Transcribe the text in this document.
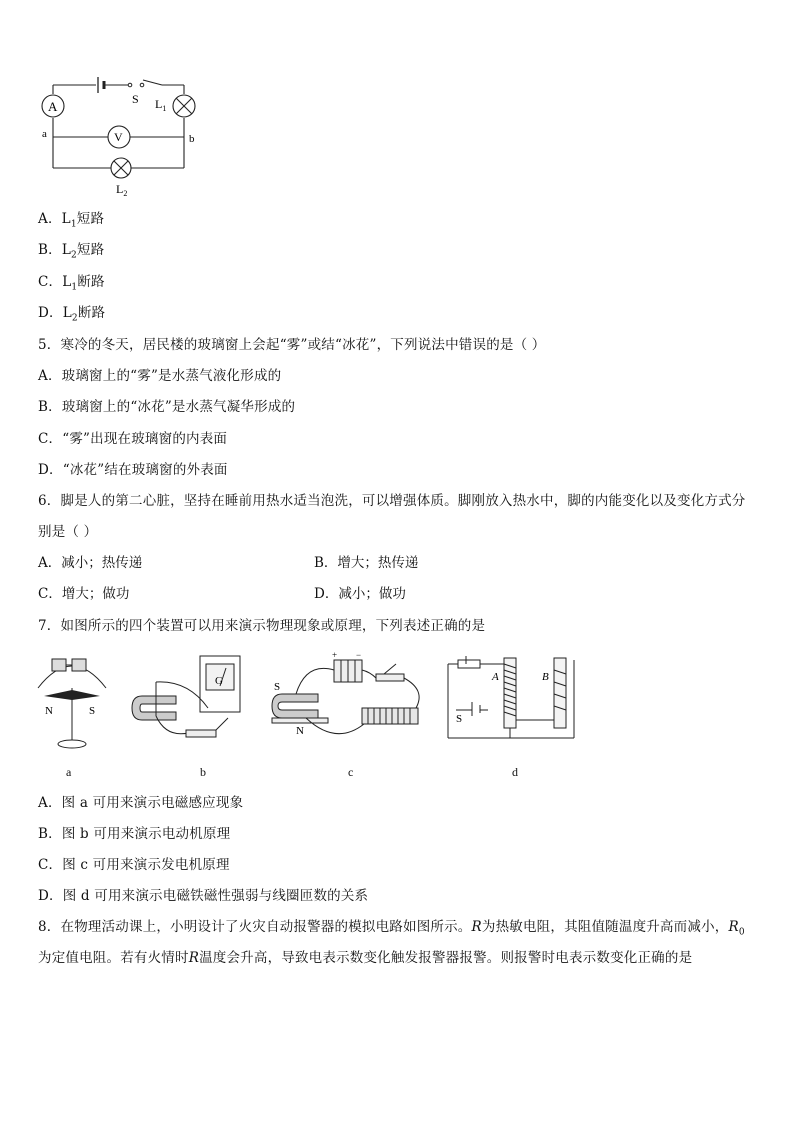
A	S $L_1$
V
a	b
$L_2$
A．$L_1$短路
B．$L_2$短路
C．$L_1$断路
D．$L_2$断路
5．寒冷的冬天，居民楼的玻璃窗上会起“雾”或结“冰花”，下列说法中错误的是（ ）
A．玻璃窗上的“雾”是水蒸气液化形成的
B．玻璃窗上的“冰花”是水蒸气凝华形成的
C．“雾”出现在玻璃窗的内表面
D．“冰花”结在玻璃窗的外表面
6．脚是人的第二心脏，坚持在睡前用热水适当泡洗，可以增强体质。脚刚放入热水中，脚的内能变化以及变化方式分
别是（ ）
A．减小；热传递	B．增大；热传递
C．增大；做功	D．减小；做功
7．如图所示的四个装置可以用来演示物理现象或原理，下列表述正确的是
N	S
a
G
b
+ −
S
N
c
A	B
S
d
A．图 a 可用来演示电磁感应现象
B．图 b 可用来演示电动机原理
C．图 c 可用来演示发电机原理
D．图 d 可用来演示电磁铁磁性强弱与线圈匝数的关系
8．在物理活动课上，小明设计了火灾自动报警器的模拟电路如图所示。R为热敏电阻，其阻值随温度升高而减小，$R_0$
为定值电阻。若有火情时R温度会升高，导致电表示数变化触发报警器报警。则报警时电表示数变化正确的是
